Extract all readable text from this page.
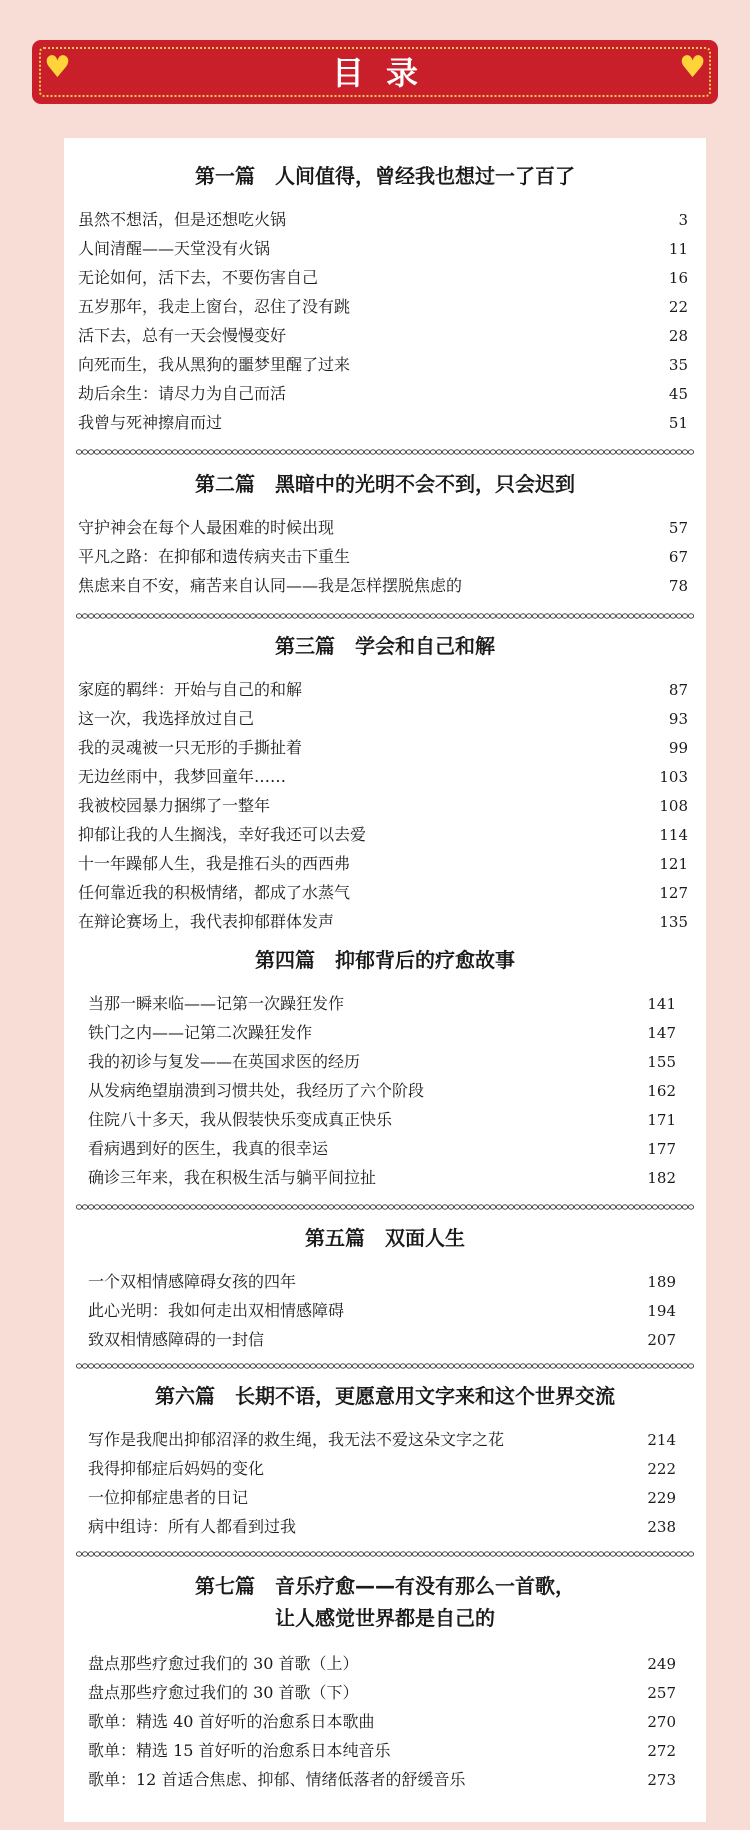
♥	目录	♥
第一篇　人间值得，曾经我也想过一了百了
虽然不想活，但是还想吃火锅	3
人间清醒——天堂没有火锅	11
无论如何，活下去，不要伤害自己	16
五岁那年，我走上窗台，忍住了没有跳	22
活下去，总有一天会慢慢变好	28
向死而生，我从黑狗的噩梦里醒了过来	35
劫后余生：请尽力为自己而活	45
我曾与死神擦肩而过	51
第二篇　黑暗中的光明不会不到，只会迟到
守护神会在每个人最困难的时候出现	57
平凡之路：在抑郁和遗传病夹击下重生	67
焦虑来自不安，痛苦来自认同——我是怎样摆脱焦虑的	78
第三篇　学会和自己和解
家庭的羁绊：开始与自己的和解	87
这一次，我选择放过自己	93
我的灵魂被一只无形的手撕扯着	99
无边丝雨中，我梦回童年……	103
我被校园暴力捆绑了一整年	108
抑郁让我的人生搁浅，幸好我还可以去爱	114
十一年躁郁人生，我是推石头的西西弗	121
任何靠近我的积极情绪，都成了水蒸气	127
在辩论赛场上，我代表抑郁群体发声	135
第四篇　抑郁背后的疗愈故事
当那一瞬来临——记第一次躁狂发作	141
铁门之内——记第二次躁狂发作	147
我的初诊与复发——在英国求医的经历	155
从发病绝望崩溃到习惯共处，我经历了六个阶段	162
住院八十多天，我从假装快乐变成真正快乐	171
看病遇到好的医生，我真的很幸运	177
确诊三年来，我在积极生活与躺平间拉扯	182
第五篇　双面人生
一个双相情感障碍女孩的四年	189
此心光明：我如何走出双相情感障碍	194
致双相情感障碍的一封信	207
第六篇　长期不语，更愿意用文字来和这个世界交流
写作是我爬出抑郁沼泽的救生绳，我无法不爱这朵文字之花	214
我得抑郁症后妈妈的变化	222
一位抑郁症患者的日记	229
病中组诗：所有人都看到过我	238
第七篇　音乐疗愈——有没有那么一首歌，
让人感觉世界都是自己的
盘点那些疗愈过我们的 30 首歌（上）	249
盘点那些疗愈过我们的 30 首歌（下）	257
歌单：精选 40 首好听的治愈系日本歌曲	270
歌单：精选 15 首好听的治愈系日本纯音乐	272
歌单：12 首适合焦虑、抑郁、情绪低落者的舒缓音乐	273
